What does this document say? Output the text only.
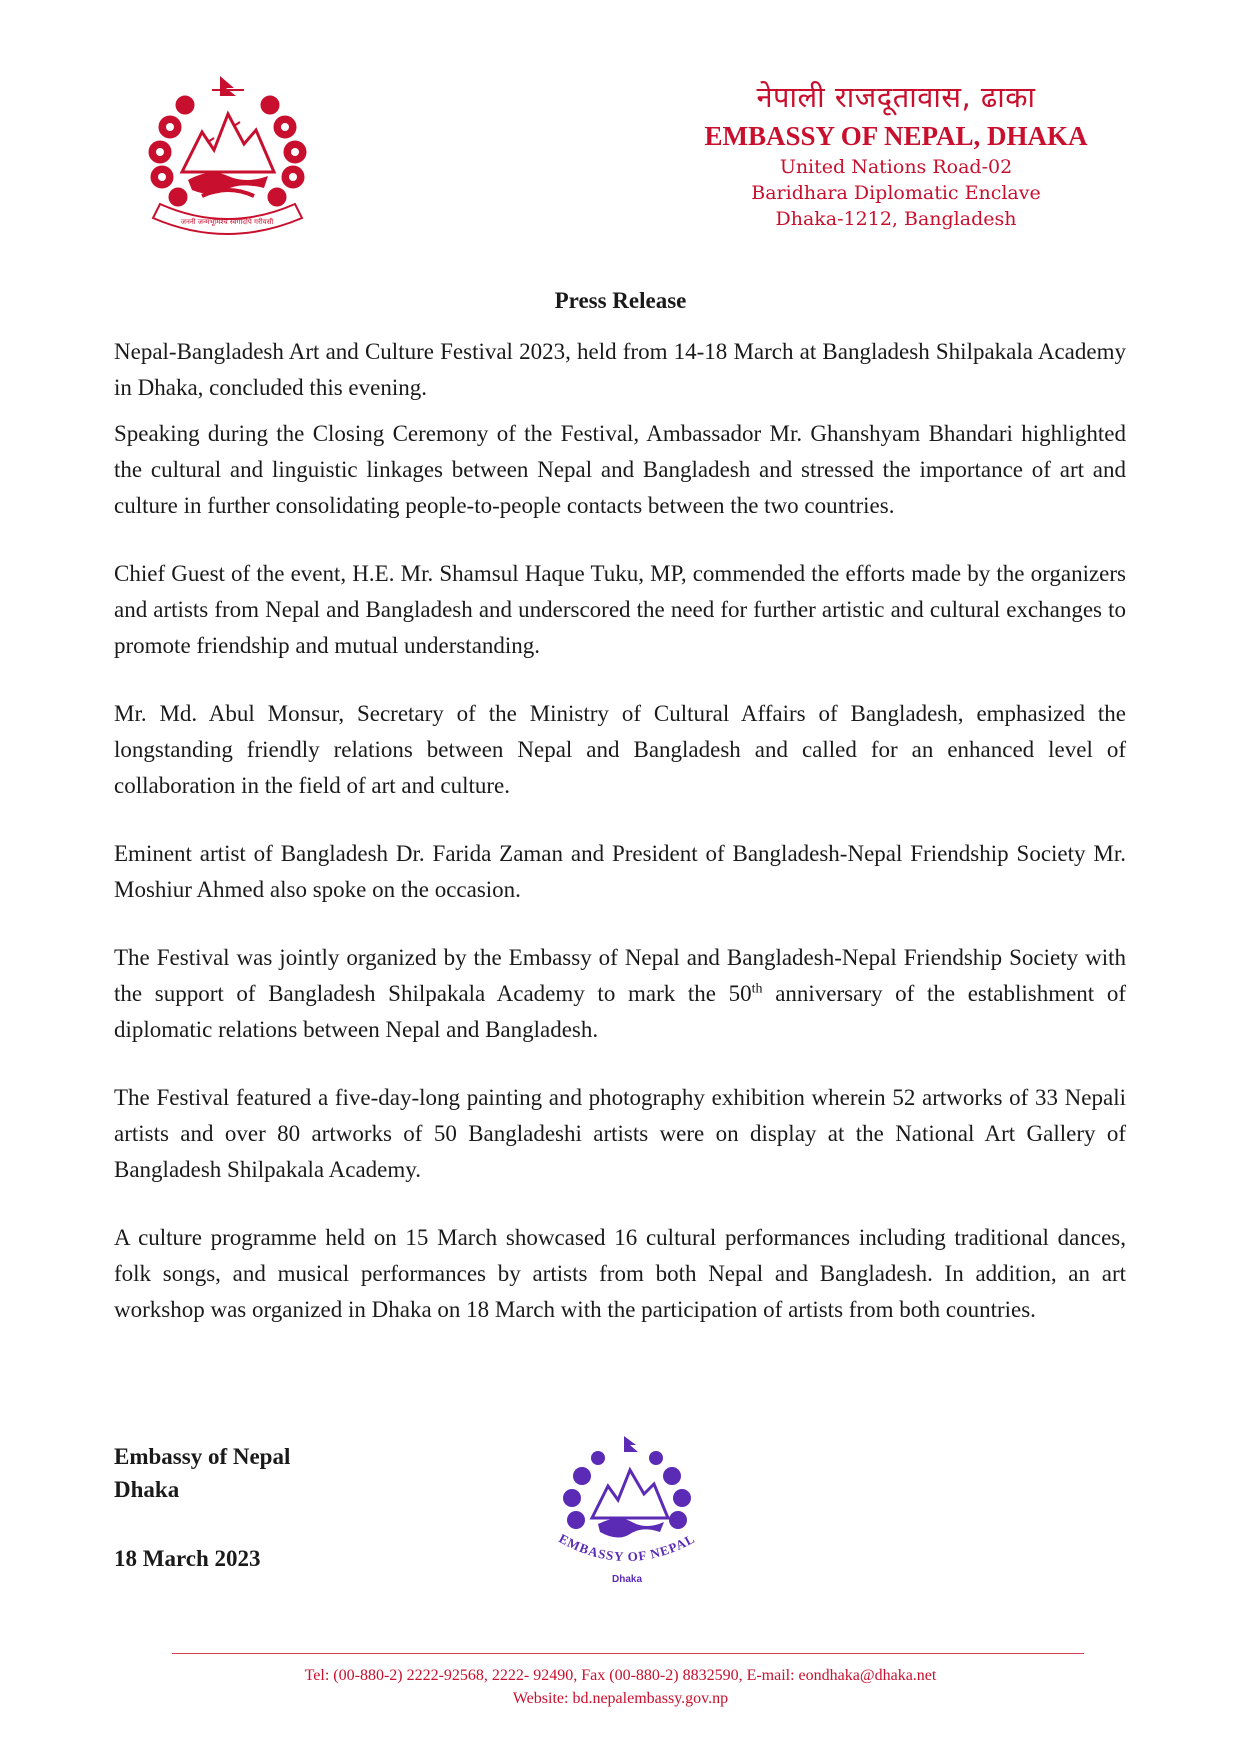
जननी जन्मभूमिश्च स्वर्गादपि गरीयसी
नेपाली राजदूतावास, ढाका
EMBASSY OF NEPAL, DHAKA
United Nations Road-02
Baridhara Diplomatic Enclave
Dhaka-1212, Bangladesh
Press Release

Nepal-Bangladesh Art and Culture Festival 2023, held from 14-18 March at Bangladesh Shilpakala Academy in Dhaka, concluded this evening.

Speaking during the Closing Ceremony of the Festival, Ambassador Mr. Ghanshyam Bhandari highlighted the cultural and linguistic linkages between Nepal and Bangladesh and stressed the importance of art and culture in further consolidating people-to-people contacts between the two countries.

Chief Guest of the event, H.E. Mr. Shamsul Haque Tuku, MP, commended the efforts made by the organizers and artists from Nepal and Bangladesh and underscored the need for further artistic and cultural exchanges to promote friendship and mutual understanding.

Mr. Md. Abul Monsur, Secretary of the Ministry of Cultural Affairs of Bangladesh, emphasized the longstanding friendly relations between Nepal and Bangladesh and called for an enhanced level of collaboration in the field of art and culture.

Eminent artist of Bangladesh Dr. Farida Zaman and President of Bangladesh-Nepal Friendship Society Mr. Moshiur Ahmed also spoke on the occasion.

The Festival was jointly organized by the Embassy of Nepal and Bangladesh-Nepal Friendship Society with the support of Bangladesh Shilpakala Academy to mark the 50th anniversary of the establishment of diplomatic relations between Nepal and Bangladesh.

The Festival featured a five-day-long painting and photography exhibition wherein 52 artworks of 33 Nepali artists and over 80 artworks of 50 Bangladeshi artists were on display at the National Art Gallery of Bangladesh Shilpakala Academy.

A culture programme held on 15 March showcased 16 cultural performances including traditional dances, folk songs, and musical performances by artists from both Nepal and Bangladesh. In addition, an art workshop was organized in Dhaka on 18 March with the participation of artists from both countries.

Embassy of Nepal
Dhaka
18 March 2023
EMBASSY OF NEPAL
Dhaka
Tel: (00-880-2) 2222-92568, 2222- 92490, Fax (00-880-2) 8832590, E-mail: eondhaka@dhaka.net
Website: bd.nepalembassy.gov.np
